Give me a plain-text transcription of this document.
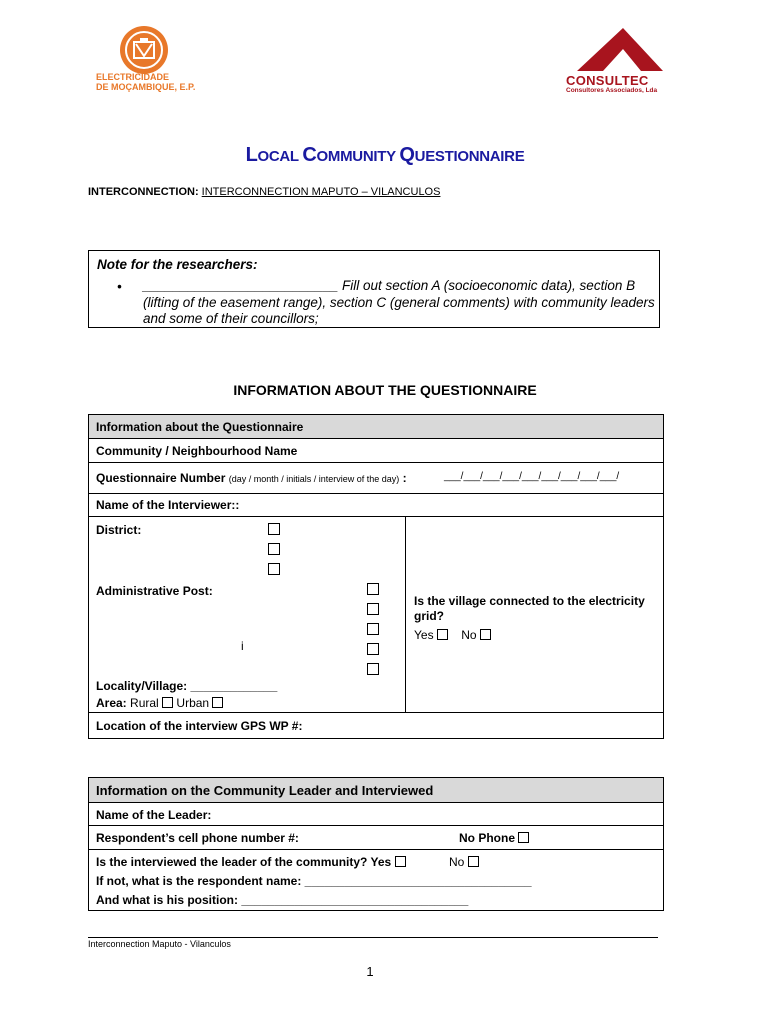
ELECTRICIDADE
DE MOÇAMBIQUE, E.P.	CONSULTEC
Consultores Associados, Lda
LOCAL COMMUNITY QUESTIONNAIRE
INTERCONNECTION: INTERCONNECTION MAPUTO – VILANCULOS
Note for the researchers:
• __________________________ Fill out section A (socioeconomic data), section B (lifting of the easement range), section C (general comments) with community leaders and some of their councillors;
INFORMATION ABOUT THE QUESTIONNAIRE
Information about the Questionnaire
Community / Neighbourhood Name
Questionnaire Number (day / month / initials / interview of the day) :	___/___/___/___/___/___/___/___/___/
Name of the Interviewer::
District:
Administrative Post:
i
Locality/Village: _____________
Area: Rural Urban
Is the village connected to the electricity grid?
Yes No
Location of the interview GPS WP #:
Information on the Community Leader and Interviewed
Name of the Leader:
Respondent’s cell phone number #:	No Phone
Is the interviewed the leader of the community? Yes	No
If not, what is the respondent name: __________________________________
And what is his position: __________________________________
Interconnection Maputo - Vilanculos
1
